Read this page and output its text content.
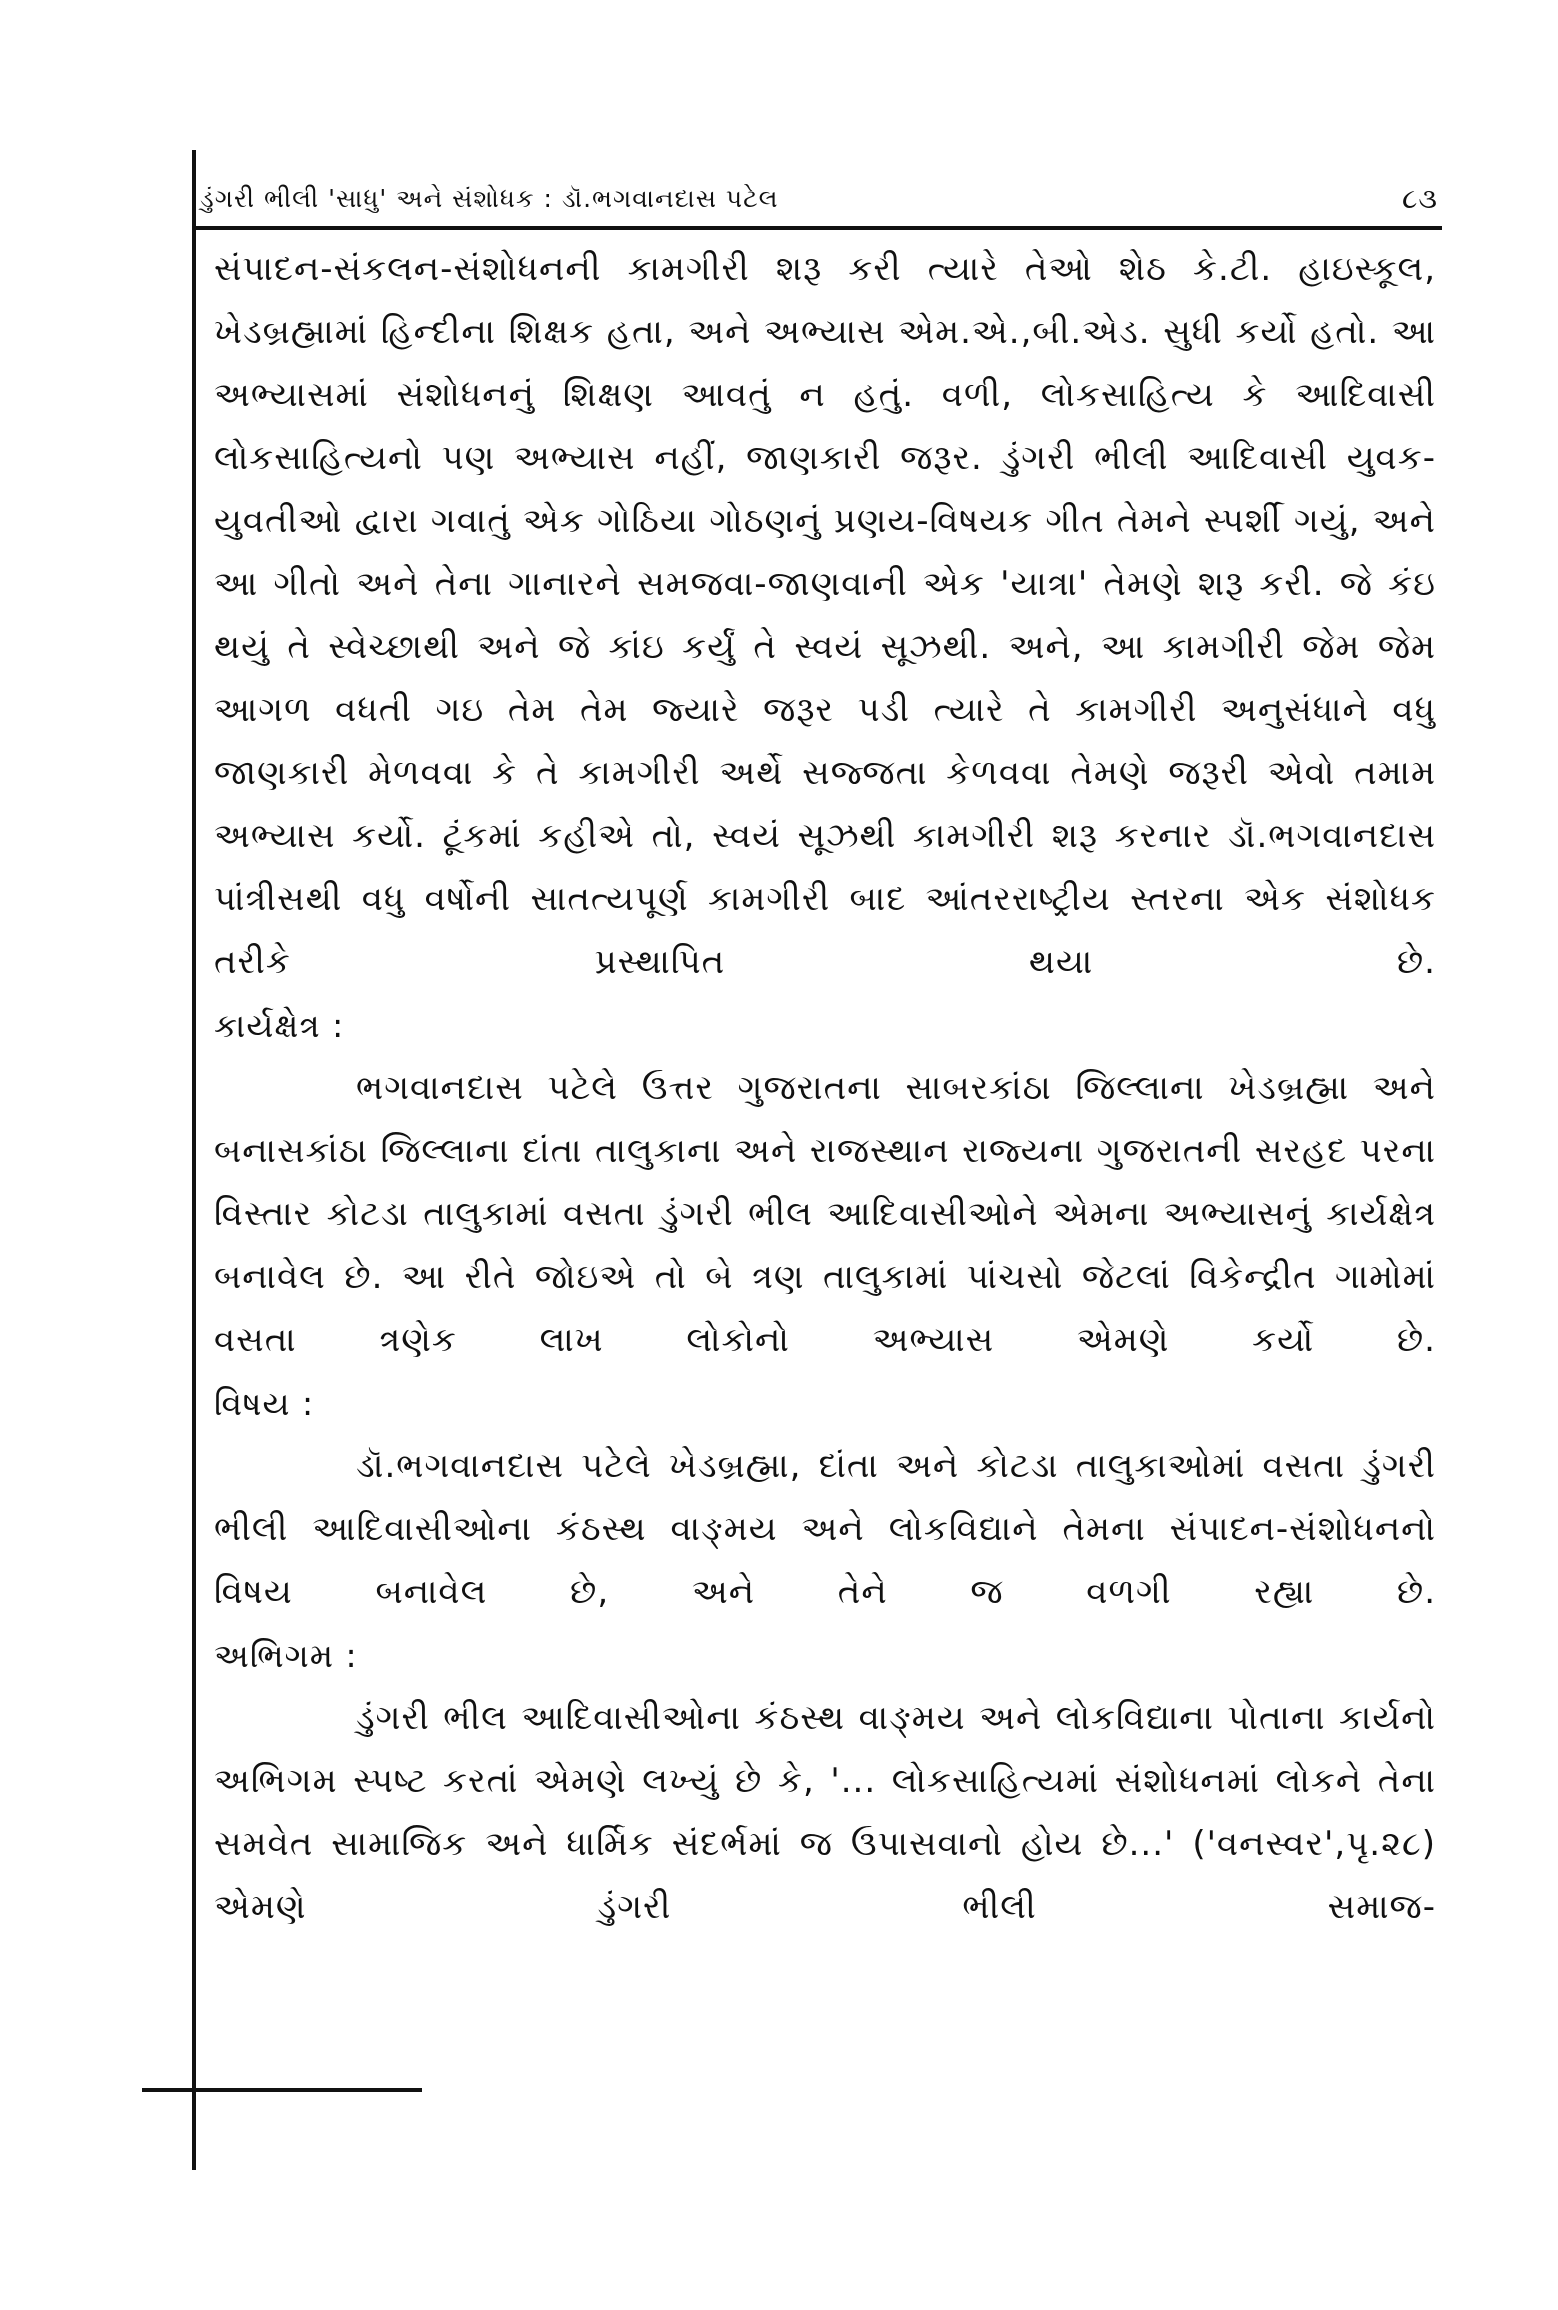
ડુંગરી ભીલી 'સાધુ' અને સંશોધક : ડૉ.ભગવાનદાસ પટેલ	૮૩

સંપાદન-સંકલન-સંશોધનની કામગીરી શરૂ કરી ત્યારે તેઓ શેઠ કે.ટી. હાઇસ્કૂલ, ખેડબ્રહ્મામાં હિન્દીના શિક્ષક હતા, અને અભ્યાસ એમ.એ.,બી.એડ. સુધી કર્યો હતો. આ અભ્યાસમાં સંશોધનનું શિક્ષણ આવતું ન હતું. વળી, લોકસાહિત્ય કે આદિવાસી લોકસાહિત્યનો પણ અભ્યાસ નહીં, જાણકારી જરૂર. ડુંગરી ભીલી આદિવાસી યુવક-યુવતીઓ દ્વારા ગવાતું એક ગોઠિયા ગોઠણનું પ્રણય-વિષયક ગીત તેમને સ્પર્શી ગયું, અને આ ગીતો અને તેના ગાનારને સમજવા-જાણવાની એક 'યાત્રા' તેમણે શરૂ કરી. જે કંઇ થયું તે સ્વેચ્છાથી અને જે કાંઇ કર્યું તે સ્વયં સૂઝથી. અને, આ કામગીરી જેમ જેમ આગળ વધતી ગઇ તેમ તેમ જ્યારે જરૂર પડી ત્યારે તે કામગીરી અનુસંધાને વધુ જાણકારી મેળવવા કે તે કામગીરી અર્થે સજ્જતા કેળવવા તેમણે જરૂરી એવો તમામ અભ્યાસ કર્યો. ટૂંકમાં કહીએ તો, સ્વયં સૂઝથી કામગીરી શરૂ કરનાર ડૉ.ભગવાનદાસ પાંત્રીસથી વધુ વર્ષોની સાતત્યપૂર્ણ કામગીરી બાદ આંતરરાષ્ટ્રીય સ્તરના એક સંશોધક તરીકે પ્રસ્થાપિત થયા છે.

કાર્યક્ષેત્ર :

ભગવાનદાસ પટેલે ઉત્તર ગુજરાતના સાબરકાંઠા જિલ્લાના ખેડબ્રહ્મા અને બનાસકાંઠા જિલ્લાના દાંતા તાલુકાના અને રાજસ્થાન રાજ્યના ગુજરાતની સરહદ પરના વિસ્તાર કોટડા તાલુકામાં વસતા ડુંગરી ભીલ આદિવાસીઓને એમના અભ્યાસનું કાર્યક્ષેત્ર બનાવેલ છે. આ રીતે જોઇએ તો બે ત્રણ તાલુકામાં પાંચસો જેટલાં વિકેન્દ્રીત ગામોમાં વસતા ત્રણેક લાખ લોકોનો અભ્યાસ એમણે કર્યો છે.

વિષય :

ડૉ.ભગવાનદાસ પટેલે ખેડબ્રહ્મા, દાંતા અને કોટડા તાલુકાઓમાં વસતા ડુંગરી ભીલી આદિવાસીઓના કંઠસ્થ વાઙ્મય અને લોકવિદ્યાને તેમના સંપાદન-સંશોધનનો વિષય બનાવેલ છે, અને તેને જ વળગી રહ્યા છે.

અભિગમ :

ડુંગરી ભીલ આદિવાસીઓના કંઠસ્થ વાઙ્મય અને લોકવિદ્યાના પોતાના કાર્યનો અભિગમ સ્પષ્ટ કરતાં એમણે લખ્યું છે કે, '... લોકસાહિત્યમાં સંશોધનમાં લોકને તેના સમવેત સામાજિક અને ધાર્મિક સંદર્ભમાં જ ઉપાસવાનો હોય છે...' ('વનસ્વર',પૃ.૨૮) એમણે ડુંગરી ભીલી સમાજ-
